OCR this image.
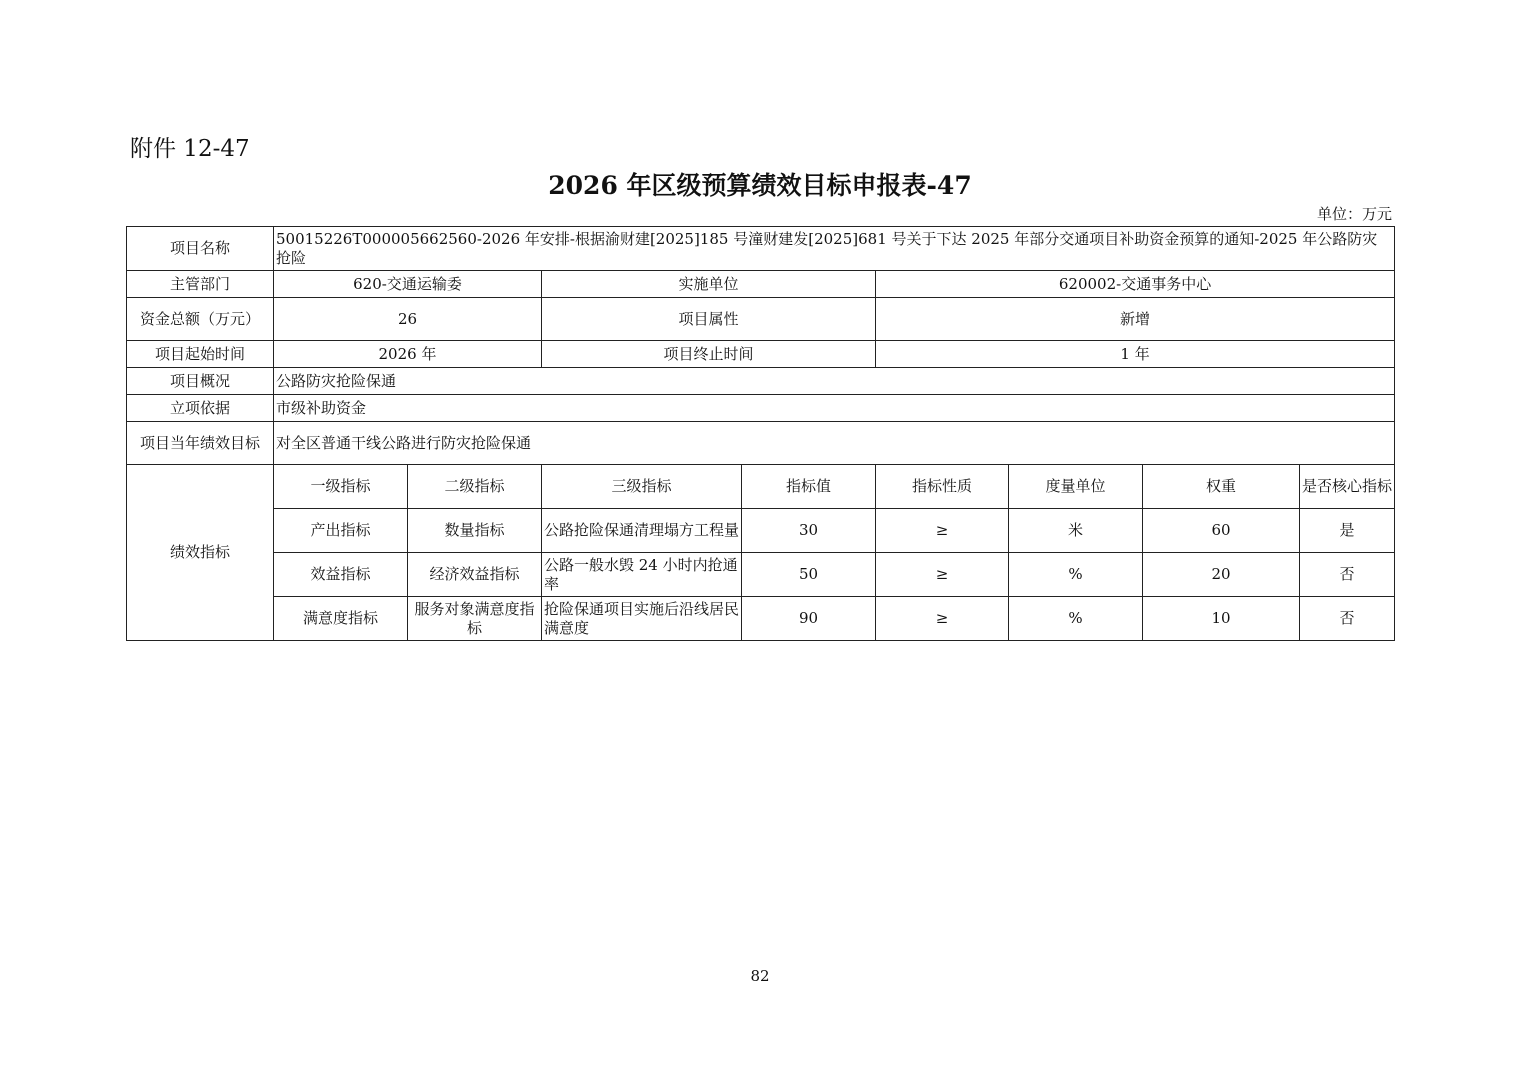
附件 12-47
2026 年区级预算绩效目标申报表-47
单位：万元
项目名称	50015226T000005662560-2026 年安排-根据渝财建[2025]185 号潼财建发[2025]681 号关于下达 2025 年部分交通项目补助资金预算的通知-2025 年公路防灾抢险							
主管部门	620-交通运输委		实施单位		620002-交通事务中心			
资金总额（万元）	26		项目属性		新增			
项目起始时间	2026 年		项目终止时间		1 年			
项目概况	公路防灾抢险保通							
立项依据	市级补助资金							
项目当年绩效目标	对全区普通干线公路进行防灾抢险保通							
绩效指标	一级指标	二级指标	三级指标	指标值	指标性质	度量单位	权重	是否核心指标
	产出指标	数量指标	公路抢险保通清理塌方工程量	30	≥	米	60	是
	效益指标	经济效益指标	公路一般水毁 24 小时内抢通率	50	≥	%	20	否
	满意度指标	服务对象满意度指标	抢险保通项目实施后沿线居民满意度	90	≥	%	10	否
82
